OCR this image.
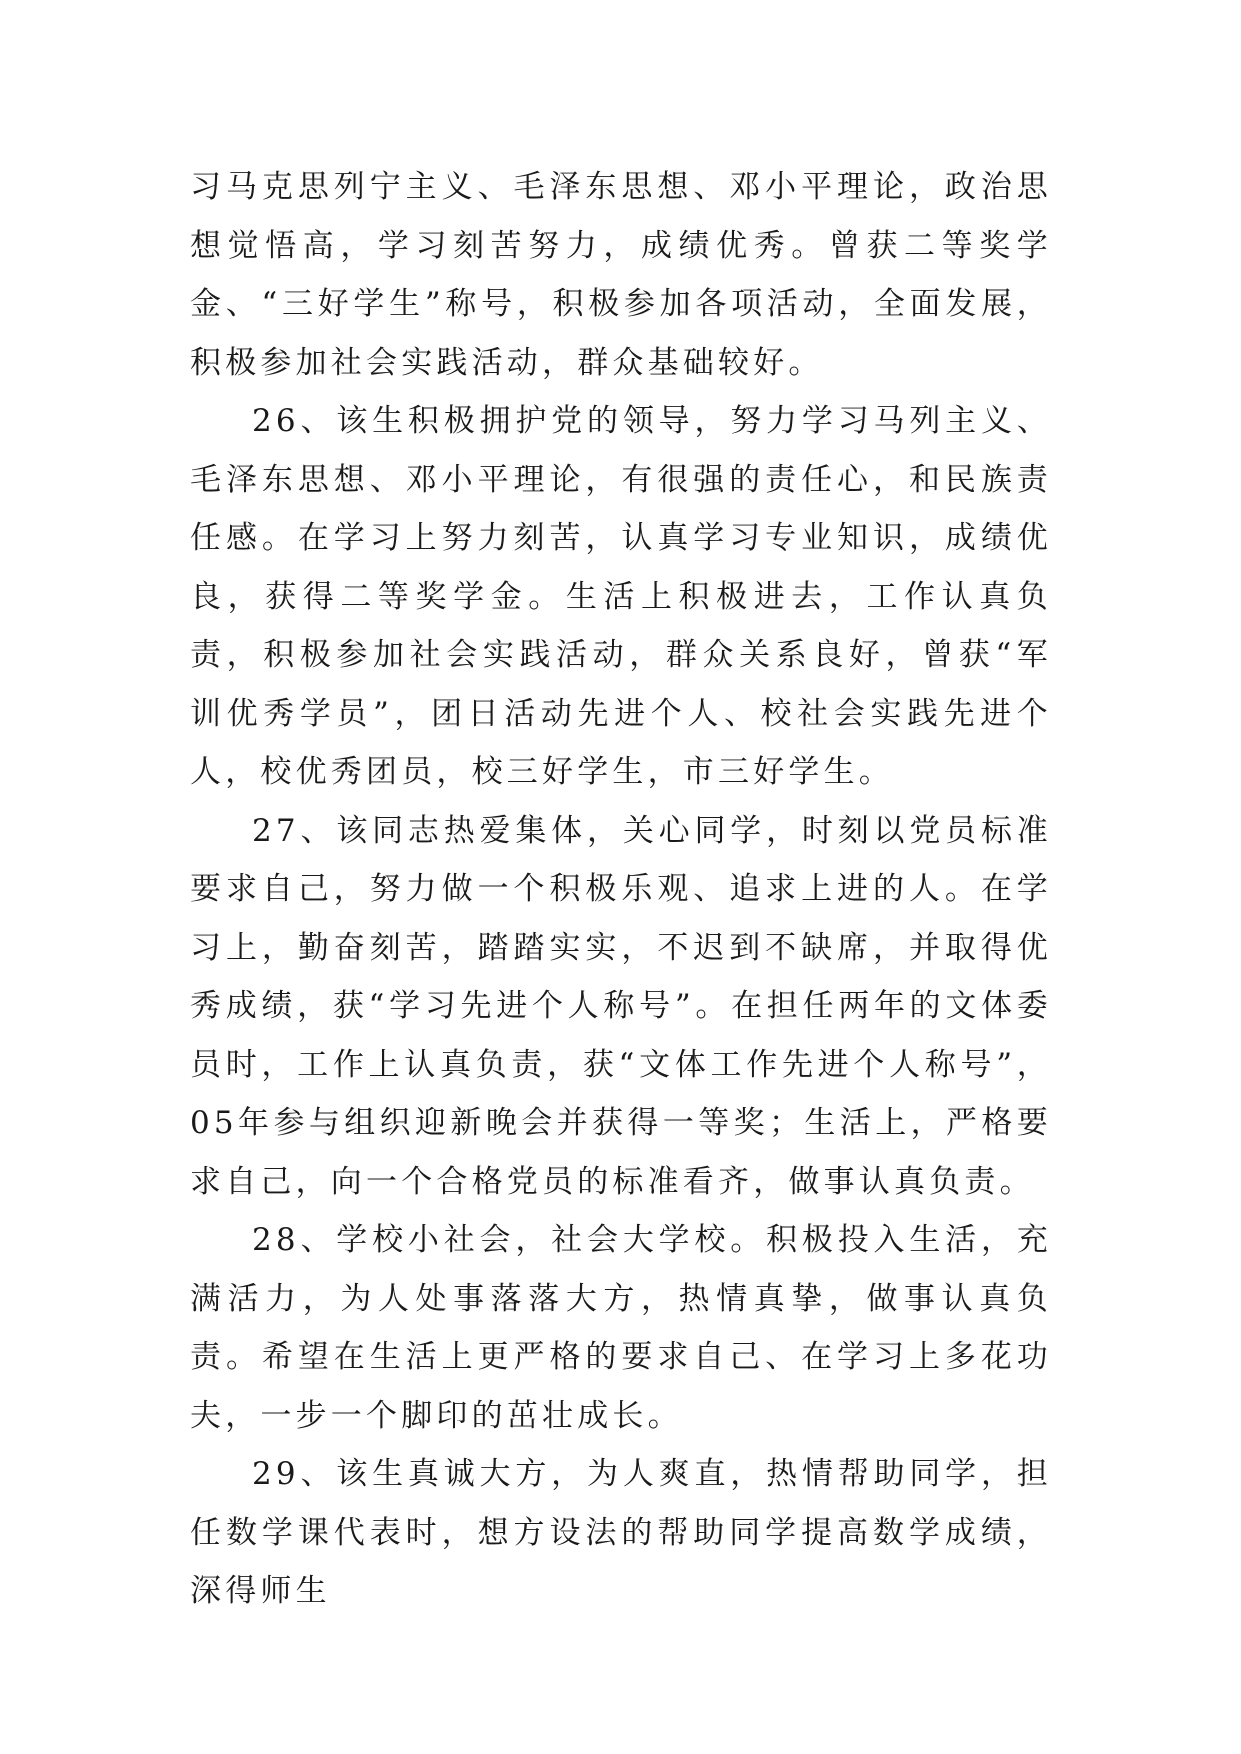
习马克思列宁主义、毛泽东思想、邓小平理论，政治思想觉悟高，学习刻苦努力，成绩优秀。曾获二等奖学金、“三好学生”称号，积极参加各项活动，全面发展，积极参加社会实践活动，群众基础较好。

26、该生积极拥护党的领导，努力学习马列主义、毛泽东思想、邓小平理论，有很强的责任心，和民族责任感。在学习上努力刻苦，认真学习专业知识，成绩优良，获得二等奖学金。生活上积极进去，工作认真负责，积极参加社会实践活动，群众关系良好，曾获“军训优秀学员”，团日活动先进个人、校社会实践先进个人，校优秀团员，校三好学生，市三好学生。

27、该同志热爱集体，关心同学，时刻以党员标准要求自己，努力做一个积极乐观、追求上进的人。在学习上，勤奋刻苦，踏踏实实，不迟到不缺席，并取得优秀成绩，获“学习先进个人称号”。在担任两年的文体委员时，工作上认真负责，获“文体工作先进个人称号”，05年参与组织迎新晚会并获得一等奖；生活上，严格要求自己，向一个合格党员的标准看齐，做事认真负责。

28、学校小社会，社会大学校。积极投入生活，充满活力，为人处事落落大方，热情真挚，做事认真负责。希望在生活上更严格的要求自己、在学习上多花功夫，一步一个脚印的茁壮成长。

29、该生真诚大方，为人爽直，热情帮助同学，担任数学课代表时，想方设法的帮助同学提高数学成绩，深得师生
